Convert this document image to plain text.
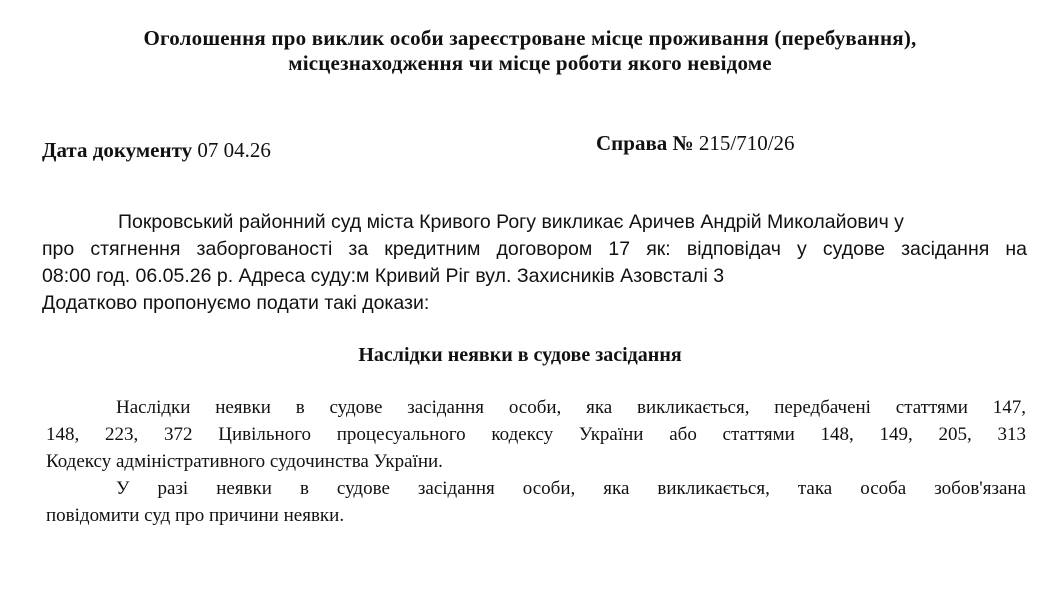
Оголошення про виклик особи зареєстроване місце проживання (перебування),
місцезнаходження чи місце роботи якого невідоме
Дата документу 07 04.26	Справа № 215/710/26
Покровський районний суд міста Кривого Рогу викликає Аричев Андрій Миколайович у
про стягнення заборгованості за кредитним договором 17 як: відповідач у судове засідання на
08:00 год. 06.05.26 р. Адреса суду:м Кривий Ріг вул. Захисників Азовсталі 3
Додатково пропонуємо подати такі докази:
Наслідки неявки в судове засідання
Наслідки неявки в судове засідання особи, яка викликається, передбачені статтями 147,
148, 223, 372 Цивільного процесуального кодексу України або статтями 148, 149, 205, 313
Кодексу адміністративного судочинства України.
У разі неявки в судове засідання особи, яка викликається, така особа зобов'язана
повідомити суд про причини неявки.
